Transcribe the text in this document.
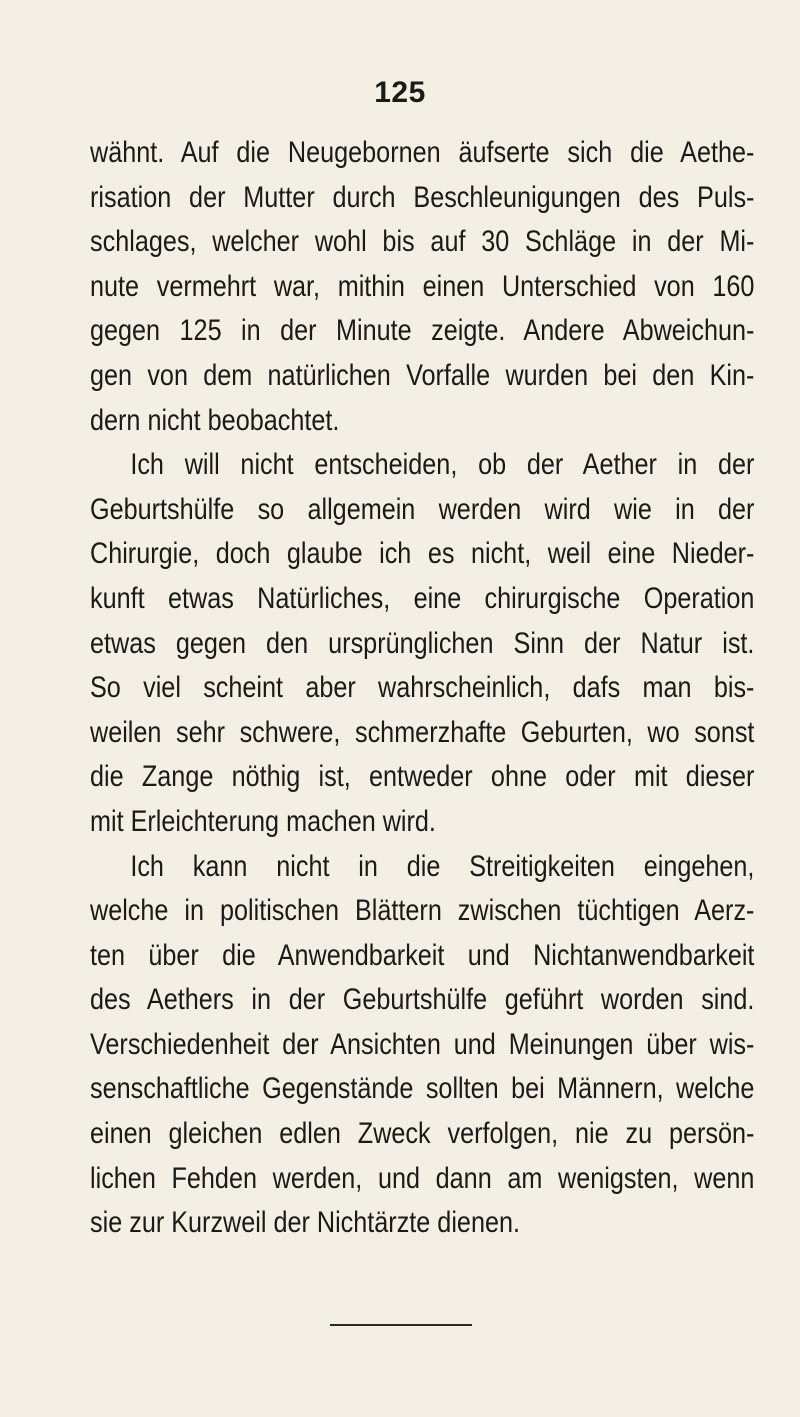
125
wähnt. Auf die Neugebornen äufserte sich die Aethe-
risation der Mutter durch Beschleunigungen des Puls-
schlages, welcher wohl bis auf 30 Schläge in der Mi-
nute vermehrt war, mithin einen Unterschied von 160
gegen 125 in der Minute zeigte. Andere Abweichun-
gen von dem natürlichen Vorfalle wurden bei den Kin-
dern nicht beobachtet.
Ich will nicht entscheiden, ob der Aether in der
Geburtshülfe so allgemein werden wird wie in der
Chirurgie, doch glaube ich es nicht, weil eine Nieder-
kunft etwas Natürliches, eine chirurgische Operation
etwas gegen den ursprünglichen Sinn der Natur ist.
So viel scheint aber wahrscheinlich, dafs man bis-
weilen sehr schwere, schmerzhafte Geburten, wo sonst
die Zange nöthig ist, entweder ohne oder mit dieser
mit Erleichterung machen wird.
Ich kann nicht in die Streitigkeiten eingehen,
welche in politischen Blättern zwischen tüchtigen Aerz-
ten über die Anwendbarkeit und Nichtanwendbarkeit
des Aethers in der Geburtshülfe geführt worden sind.
Verschiedenheit der Ansichten und Meinungen über wis-
senschaftliche Gegenstände sollten bei Männern, welche
einen gleichen edlen Zweck verfolgen, nie zu persön-
lichen Fehden werden, und dann am wenigsten, wenn
sie zur Kurzweil der Nichtärzte dienen.
